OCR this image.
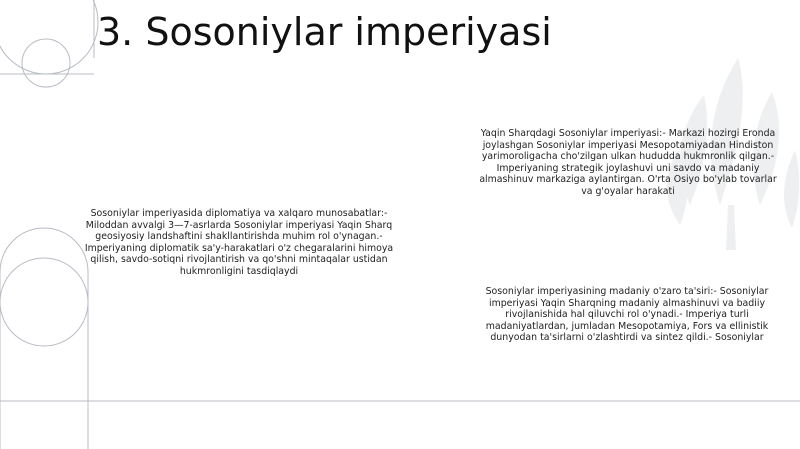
3. Sosoniylar imperiyasi

Sosoniylar imperiyasida diplomatiya va xalqaro munosabatlar:- Miloddan avvalgi 3—7-asrlarda Sosoniylar imperiyasi Yaqin Sharq geosiyosiy landshaftini shakllantirishda muhim rol o'ynagan.- Imperiyaning diplomatik sa'y-harakatlari o'z chegaralarini himoya qilish, savdo-sotiqni rivojlantirish va qo'shni mintaqalar ustidan hukmronligini tasdiqlaydi

Yaqin Sharqdagi Sosoniylar imperiyasi:- Markazi hozirgi Eronda joylashgan Sosoniylar imperiyasi Mesopotamiyadan Hindiston yarimoroligacha cho'zilgan ulkan hududda hukmronlik qilgan.- Imperiyaning strategik joylashuvi uni savdo va madaniy almashinuv markaziga aylantirgan. O'rta Osiyo bo'ylab tovarlar va g'oyalar harakati

Sosoniylar imperiyasining madaniy o'zaro ta'siri:- Sosoniylar imperiyasi Yaqin Sharqning madaniy almashinuvi va badiiy rivojlanishida hal qiluvchi rol o'ynadi.- Imperiya turli madaniyatlardan, jumladan Mesopotamiya, Fors va ellinistik dunyodan ta'sirlarni o'zlashtirdi va sintez qildi.- Sosoniylar
